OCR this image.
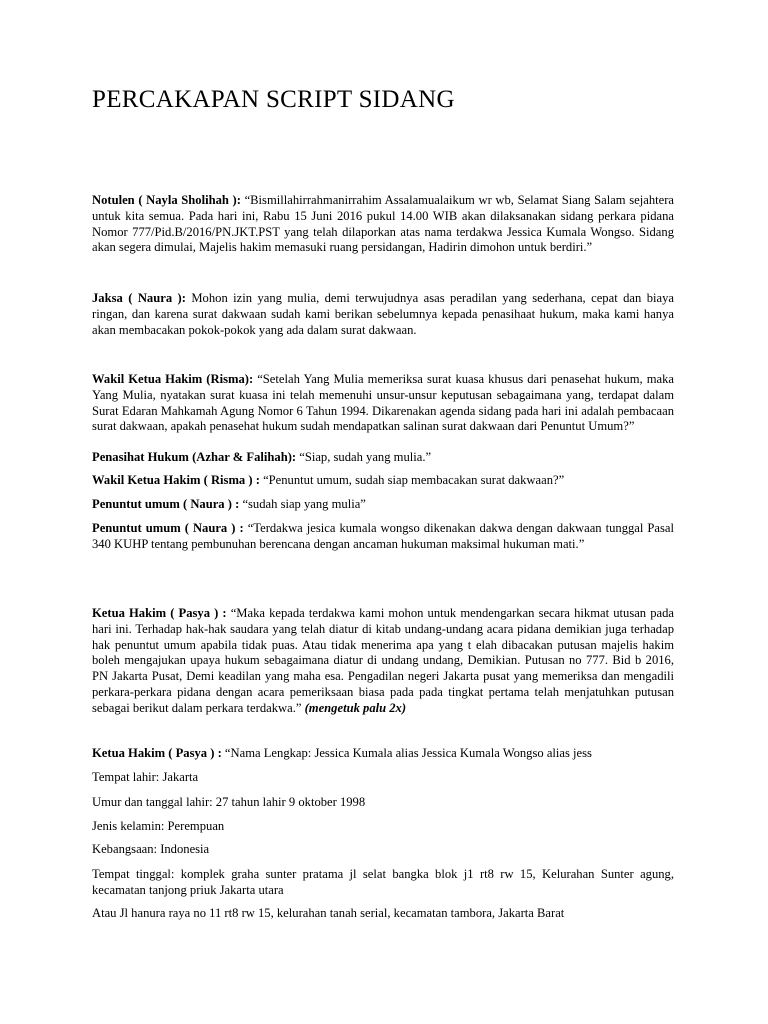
PERCAKAPAN SCRIPT SIDANG

Notulen ( Nayla Sholihah ): “Bismillahirrahmanirrahim Assalamualaikum wr wb, Selamat Siang Salam sejahtera untuk kita semua. Pada hari ini, Rabu 15 Juni 2016 pukul 14.00 WIB akan dilaksanakan sidang perkara pidana Nomor 777/Pid.B/2016/PN.JKT.PST yang telah dilaporkan atas nama terdakwa Jessica Kumala Wongso. Sidang akan segera dimulai, Majelis hakim memasuki ruang persidangan, Hadirin dimohon untuk berdiri.”

Jaksa ( Naura ): Mohon izin yang mulia, demi terwujudnya asas peradilan yang sederhana, cepat dan biaya ringan, dan karena surat dakwaan sudah kami berikan sebelumnya kepada penasihaat hukum, maka kami hanya akan membacakan pokok-pokok yang ada dalam surat dakwaan.

Wakil Ketua Hakim (Risma): “Setelah Yang Mulia memeriksa surat kuasa khusus dari penasehat hukum, maka Yang Mulia, nyatakan surat kuasa ini telah memenuhi unsur-unsur keputusan sebagaimana yang, terdapat dalam Surat Edaran Mahkamah Agung Nomor 6 Tahun 1994. Dikarenakan agenda sidang pada hari ini adalah pembacaan surat dakwaan, apakah penasehat hukum sudah mendapatkan salinan surat dakwaan dari Penuntut Umum?”

Penasihat Hukum (Azhar & Falihah): “Siap, sudah yang mulia.”

Wakil Ketua Hakim ( Risma ) : “Penuntut umum, sudah siap membacakan surat dakwaan?”

Penuntut umum ( Naura ) : “sudah siap yang mulia”

Penuntut umum ( Naura ) : “Terdakwa jesica kumala wongso dikenakan dakwa dengan dakwaan tunggal Pasal 340 KUHP tentang pembunuhan berencana dengan ancaman hukuman maksimal hukuman mati.”

Ketua Hakim ( Pasya ) : “Maka kepada terdakwa kami mohon untuk mendengarkan secara hikmat utusan pada hari ini. Terhadap hak-hak saudara yang telah diatur di kitab undang-undang acara pidana demikian juga terhadap hak penuntut umum apabila tidak puas. Atau tidak menerima apa yang t elah dibacakan putusan majelis hakim boleh mengajukan upaya hukum sebagaimana diatur di undang undang, Demikian. Putusan no 777. Bid b 2016, PN Jakarta Pusat, Demi keadilan yang maha esa. Pengadilan negeri Jakarta pusat yang memeriksa dan mengadili perkara-perkara pidana dengan acara pemeriksaan biasa pada pada tingkat pertama telah menjatuhkan putusan sebagai berikut dalam perkara terdakwa.” (mengetuk palu 2x)

Ketua Hakim ( Pasya ) : “Nama Lengkap: Jessica Kumala alias Jessica Kumala Wongso alias jess

Tempat lahir: Jakarta

Umur dan tanggal lahir: 27 tahun lahir 9 oktober 1998

Jenis kelamin: Perempuan

Kebangsaan: Indonesia

Tempat tinggal: komplek graha sunter pratama jl selat bangka blok j1 rt8 rw 15, Kelurahan Sunter agung, kecamatan tanjong priuk Jakarta utara

Atau Jl hanura raya no 11 rt8 rw 15, kelurahan tanah serial, kecamatan tambora, Jakarta Barat
